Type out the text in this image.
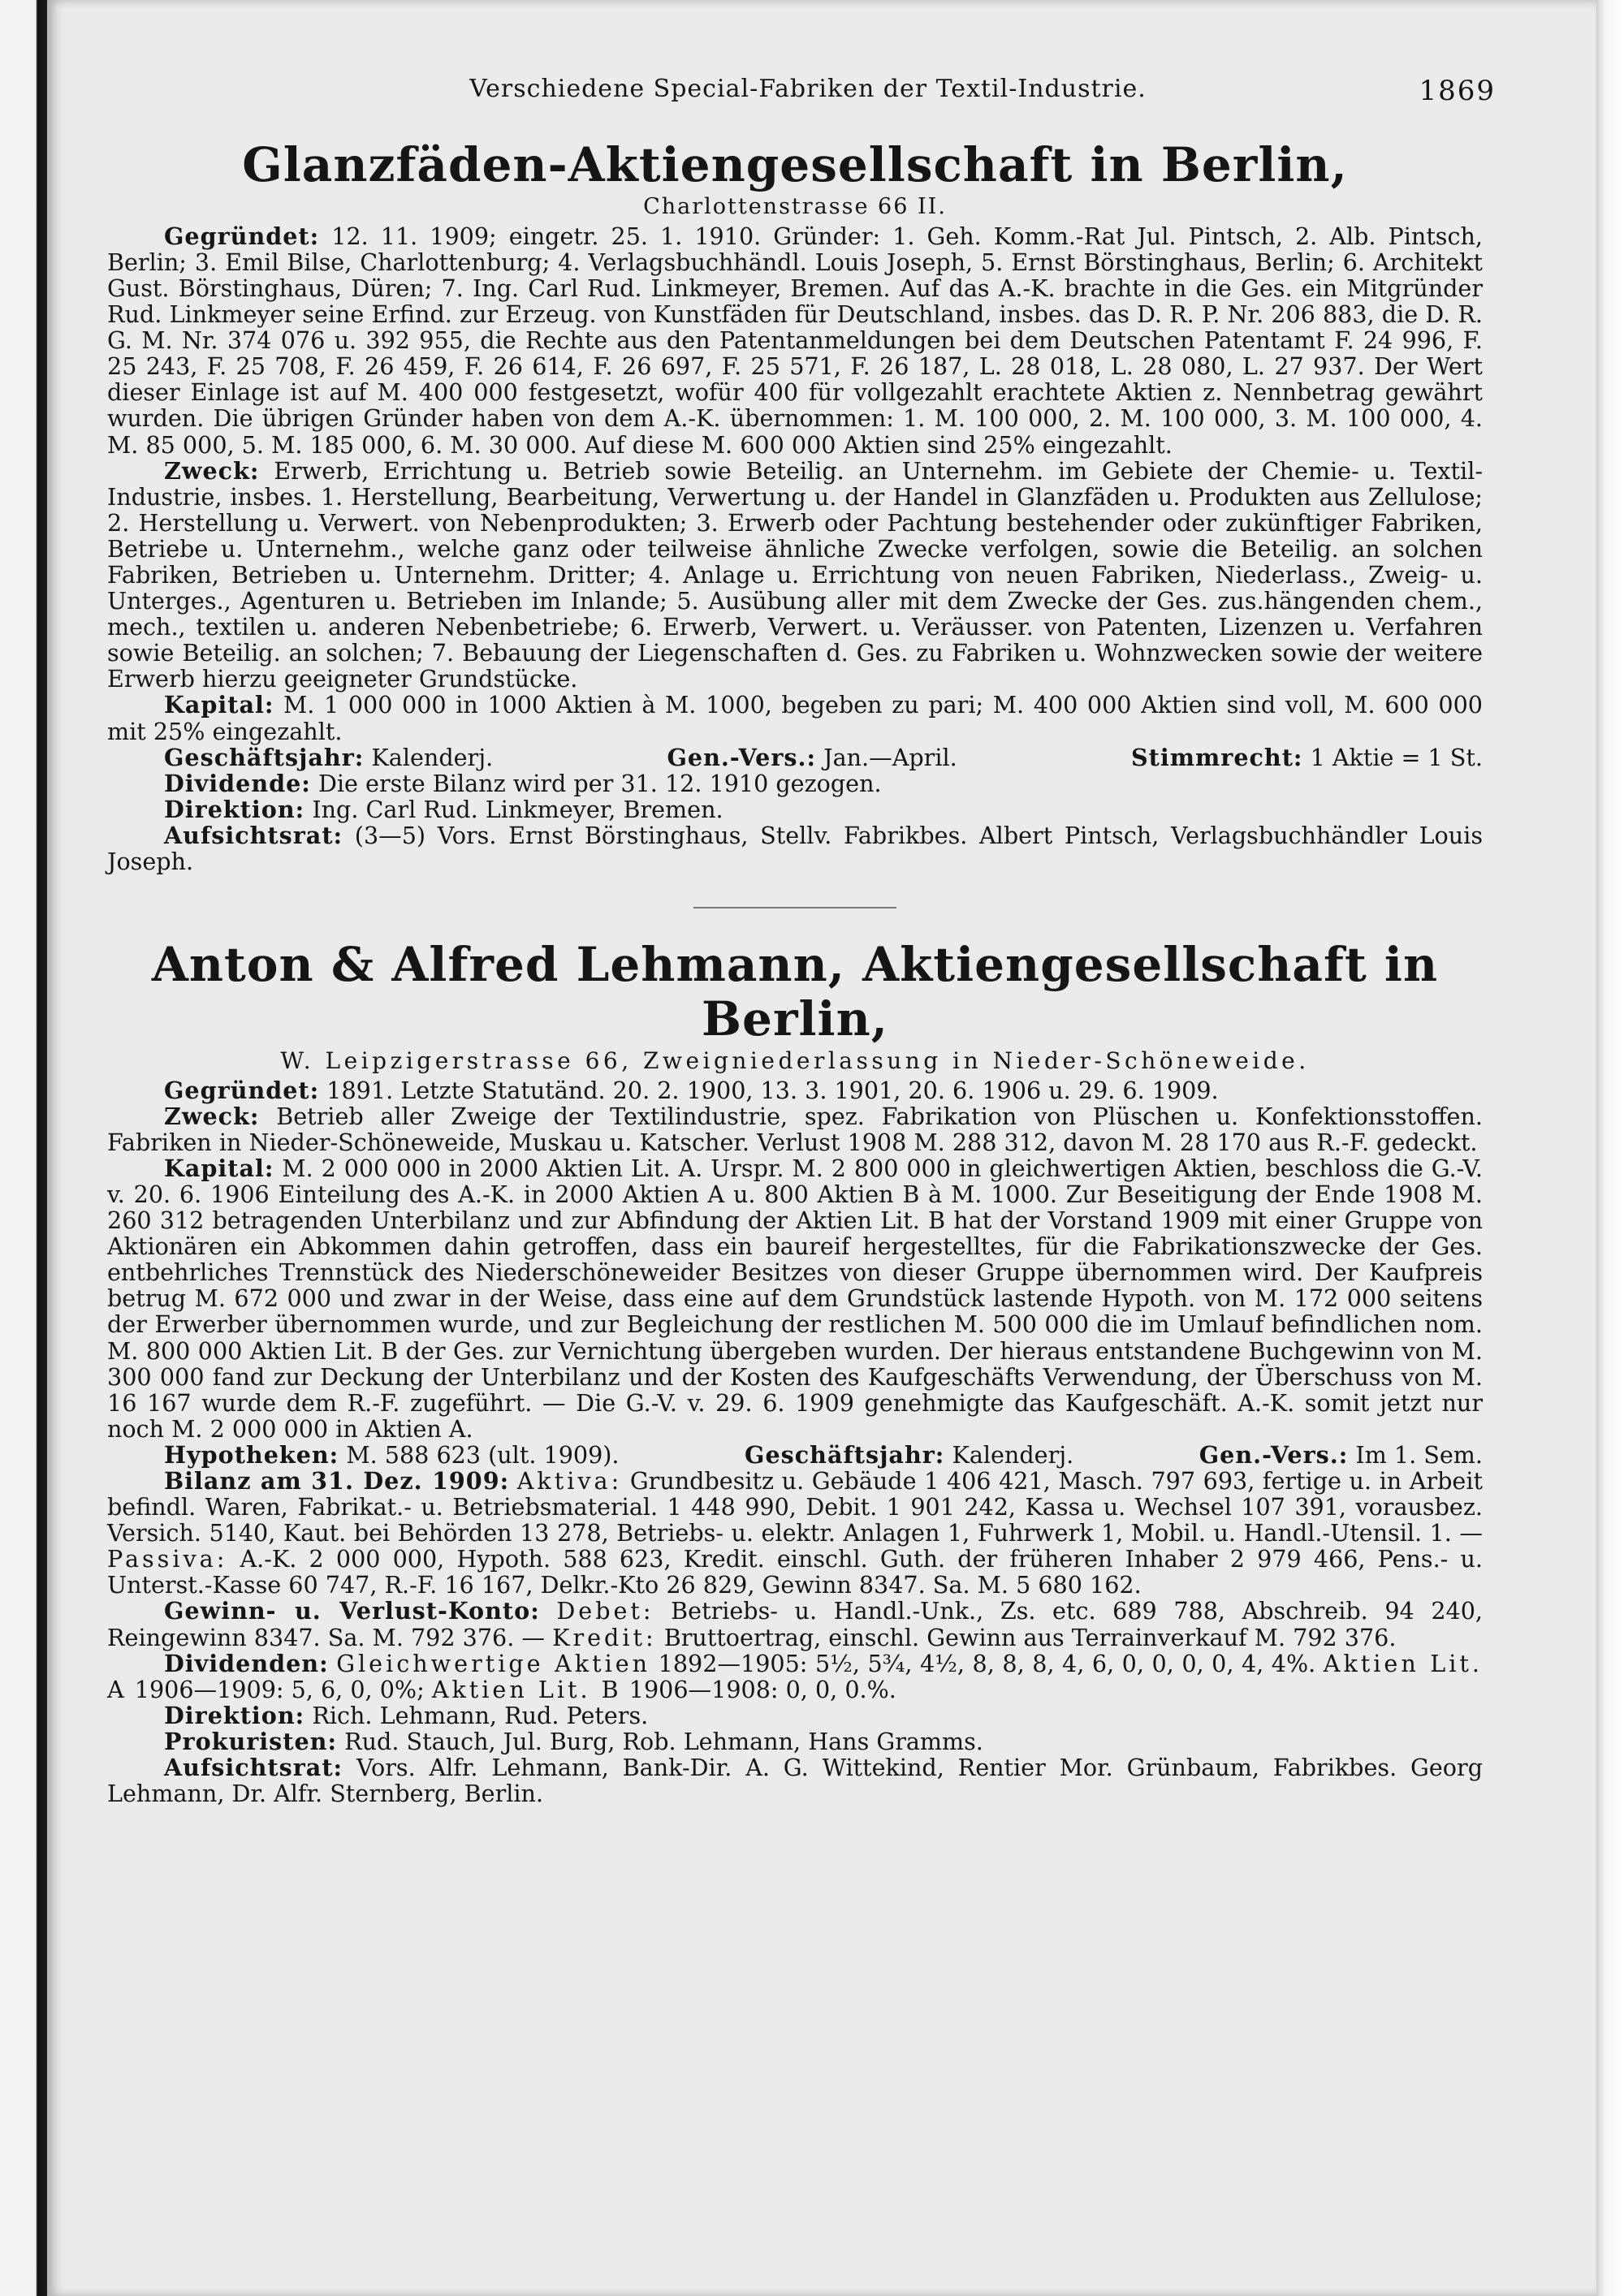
Verschiedene Special-Fabriken der Textil-Industrie.	1869
Glanzfäden-Aktiengesellschaft in Berlin,
Charlottenstrasse 66 II.

Gegründet: 12. 11. 1909; eingetr. 25. 1. 1910. Gründer: 1. Geh. Komm.-Rat Jul. Pintsch, 2. Alb. Pintsch, Berlin; 3. Emil Bilse, Charlottenburg; 4. Verlagsbuchhändl. Louis Joseph, 5. Ernst Börstinghaus, Berlin; 6. Architekt Gust. Börstinghaus, Düren; 7. Ing. Carl Rud. Linkmeyer, Bremen. Auf das A.-K. brachte in die Ges. ein Mitgründer Rud. Linkmeyer seine Erfind. zur Erzeug. von Kunstfäden für Deutschland, insbes. das D. R. P. Nr. 206 883, die D. R. G. M. Nr. 374 076 u. 392 955, die Rechte aus den Patentanmeldungen bei dem Deutschen Patentamt F. 24 996, F. 25 243, F. 25 708, F. 26 459, F. 26 614, F. 26 697, F. 25 571, F. 26 187, L. 28 018, L. 28 080, L. 27 937. Der Wert dieser Einlage ist auf M. 400 000 festgesetzt, wofür 400 für vollgezahlt erachtete Aktien z. Nennbetrag gewährt wurden. Die übrigen Gründer haben von dem A.-K. übernommen: 1. M. 100 000, 2. M. 100 000, 3. M. 100 000, 4. M. 85 000, 5. M. 185 000, 6. M. 30 000. Auf diese M. 600 000 Aktien sind 25% eingezahlt.

Zweck: Erwerb, Errichtung u. Betrieb sowie Beteilig. an Unternehm. im Gebiete der Chemie- u. Textil-Industrie, insbes. 1. Herstellung, Bearbeitung, Verwertung u. der Handel in Glanzfäden u. Produkten aus Zellulose; 2. Herstellung u. Verwert. von Nebenprodukten; 3. Erwerb oder Pachtung bestehender oder zukünftiger Fabriken, Betriebe u. Unternehm., welche ganz oder teilweise ähnliche Zwecke verfolgen, sowie die Beteilig. an solchen Fabriken, Betrieben u. Unternehm. Dritter; 4. Anlage u. Errichtung von neuen Fabriken, Niederlass., Zweig- u. Unterges., Agenturen u. Betrieben im Inlande; 5. Ausübung aller mit dem Zwecke der Ges. zus.hängenden chem., mech., textilen u. anderen Nebenbetriebe; 6. Erwerb, Verwert. u. Veräusser. von Patenten, Lizenzen u. Verfahren sowie Beteilig. an solchen; 7. Bebauung der Liegenschaften d. Ges. zu Fabriken u. Wohnzwecken sowie der weitere Erwerb hierzu geeigneter Grundstücke.

Kapital: M. 1 000 000 in 1000 Aktien à M. 1000, begeben zu pari; M. 400 000 Aktien sind voll, M. 600 000 mit 25% eingezahlt.

Geschäftsjahr: Kalenderj.	Gen.-Vers.: Jan.—April.	Stimmrecht: 1 Aktie = 1 St.

Dividende: Die erste Bilanz wird per 31. 12. 1910 gezogen.

Direktion: Ing. Carl Rud. Linkmeyer, Bremen.

Aufsichtsrat: (3—5) Vors. Ernst Börstinghaus, Stellv. Fabrikbes. Albert Pintsch, Verlagsbuchhändler Louis Joseph.

Anton & Alfred Lehmann, Aktiengesellschaft in Berlin,
W. Leipzigerstrasse 66, Zweigniederlassung in Nieder-Schöneweide.

Gegründet: 1891. Letzte Statutänd. 20. 2. 1900, 13. 3. 1901, 20. 6. 1906 u. 29. 6. 1909.

Zweck: Betrieb aller Zweige der Textilindustrie, spez. Fabrikation von Plüschen u. Konfektionsstoffen. Fabriken in Nieder-Schöneweide, Muskau u. Katscher. Verlust 1908 M. 288 312, davon M. 28 170 aus R.-F. gedeckt.

Kapital: M. 2 000 000 in 2000 Aktien Lit. A. Urspr. M. 2 800 000 in gleichwertigen Aktien, beschloss die G.-V. v. 20. 6. 1906 Einteilung des A.-K. in 2000 Aktien A u. 800 Aktien B à M. 1000. Zur Beseitigung der Ende 1908 M. 260 312 betragenden Unterbilanz und zur Abfindung der Aktien Lit. B hat der Vorstand 1909 mit einer Gruppe von Aktionären ein Abkommen dahin getroffen, dass ein baureif hergestelltes, für die Fabrikationszwecke der Ges. entbehrliches Trennstück des Niederschöneweider Besitzes von dieser Gruppe übernommen wird. Der Kaufpreis betrug M. 672 000 und zwar in der Weise, dass eine auf dem Grundstück lastende Hypoth. von M. 172 000 seitens der Erwerber übernommen wurde, und zur Begleichung der restlichen M. 500 000 die im Umlauf befindlichen nom. M. 800 000 Aktien Lit. B der Ges. zur Vernichtung übergeben wurden. Der hieraus entstandene Buchgewinn von M. 300 000 fand zur Deckung der Unterbilanz und der Kosten des Kaufgeschäfts Verwendung, der Überschuss von M. 16 167 wurde dem R.-F. zugeführt. — Die G.-V. v. 29. 6. 1909 genehmigte das Kaufgeschäft. A.-K. somit jetzt nur noch M. 2 000 000 in Aktien A.

Hypotheken: M. 588 623 (ult. 1909).	Geschäftsjahr: Kalenderj.	Gen.-Vers.: Im 1. Sem.

Bilanz am 31. Dez. 1909: Aktiva: Grundbesitz u. Gebäude 1 406 421, Masch. 797 693, fertige u. in Arbeit befindl. Waren, Fabrikat.- u. Betriebsmaterial. 1 448 990, Debit. 1 901 242, Kassa u. Wechsel 107 391, vorausbez. Versich. 5140, Kaut. bei Behörden 13 278, Betriebs- u. elektr. Anlagen 1, Fuhrwerk 1, Mobil. u. Handl.-Utensil. 1. — Passiva: A.-K. 2 000 000, Hypoth. 588 623, Kredit. einschl. Guth. der früheren Inhaber 2 979 466, Pens.- u. Unterst.-Kasse 60 747, R.-F. 16 167, Delkr.-Kto 26 829, Gewinn 8347. Sa. M. 5 680 162.

Gewinn- u. Verlust-Konto: Debet: Betriebs- u. Handl.-Unk., Zs. etc. 689 788, Abschreib. 94 240, Reingewinn 8347. Sa. M. 792 376. — Kredit: Bruttoertrag, einschl. Gewinn aus Terrainverkauf M. 792 376.

Dividenden: Gleichwertige Aktien 1892—1905: 5½, 5¾, 4½, 8, 8, 8, 4, 6, 0, 0, 0, 0, 4, 4%. Aktien Lit. A 1906—1909: 5, 6, 0, 0%; Aktien Lit. B 1906—1908: 0, 0, 0.%.

Direktion: Rich. Lehmann, Rud. Peters.

Prokuristen: Rud. Stauch, Jul. Burg, Rob. Lehmann, Hans Gramms.

Aufsichtsrat: Vors. Alfr. Lehmann, Bank-Dir. A. G. Wittekind, Rentier Mor. Grünbaum, Fabrikbes. Georg Lehmann, Dr. Alfr. Sternberg, Berlin.
